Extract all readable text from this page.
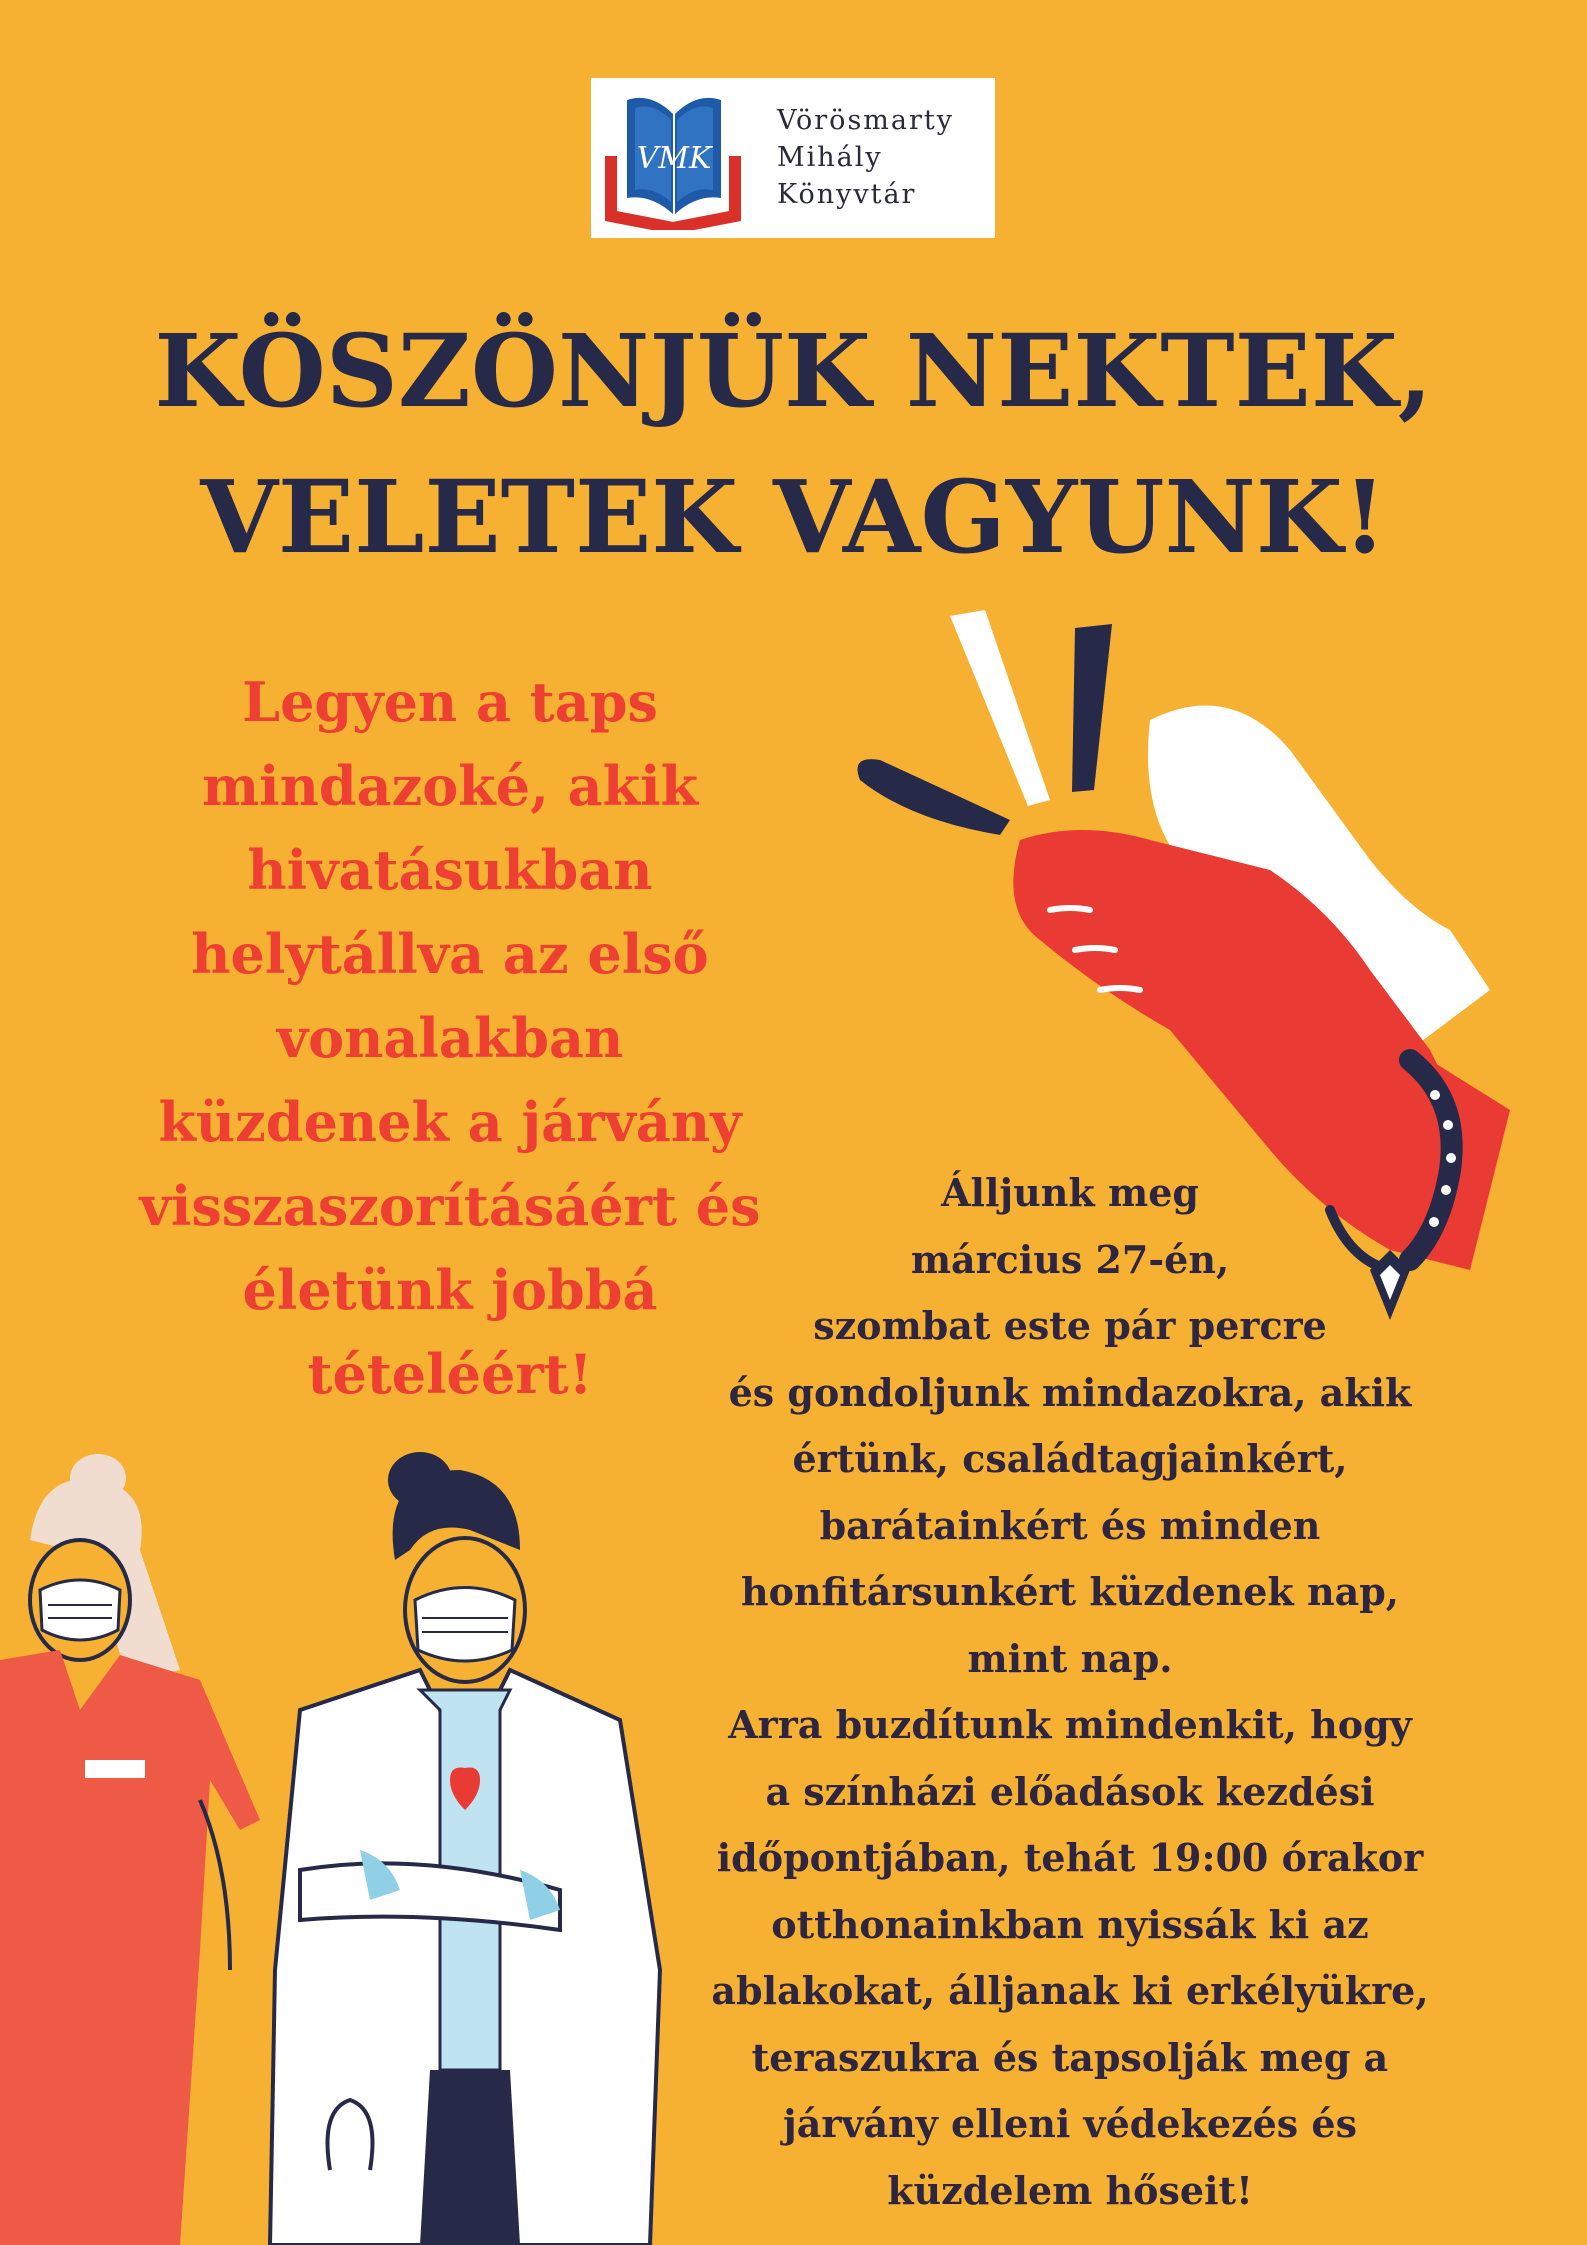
VMK
Vörösmarty
Mihály
Könyvtár
KÖSZÖNJÜK NEKTEK,
VELETEK VAGYUNK!
Legyen a taps
mindazoké, akik
hivatásukban
helytállva az első
vonalakban
küzdenek a járvány
visszaszorításáért és
életünk jobbá
tételéért!
Álljunk meg
március 27-én,
szombat este pár percre
és gondoljunk mindazokra, akik
értünk, családtagjainkért,
barátainkért és minden
honfitársunkért küzdenek nap,
mint nap.
Arra buzdítunk mindenkit, hogy
a színházi előadások kezdési
időpontjában, tehát 19:00 órakor
otthonainkban nyissák ki az
ablakokat, álljanak ki erkélyükre,
teraszukra és tapsolják meg a
járvány elleni védekezés és
küzdelem hőseit!
